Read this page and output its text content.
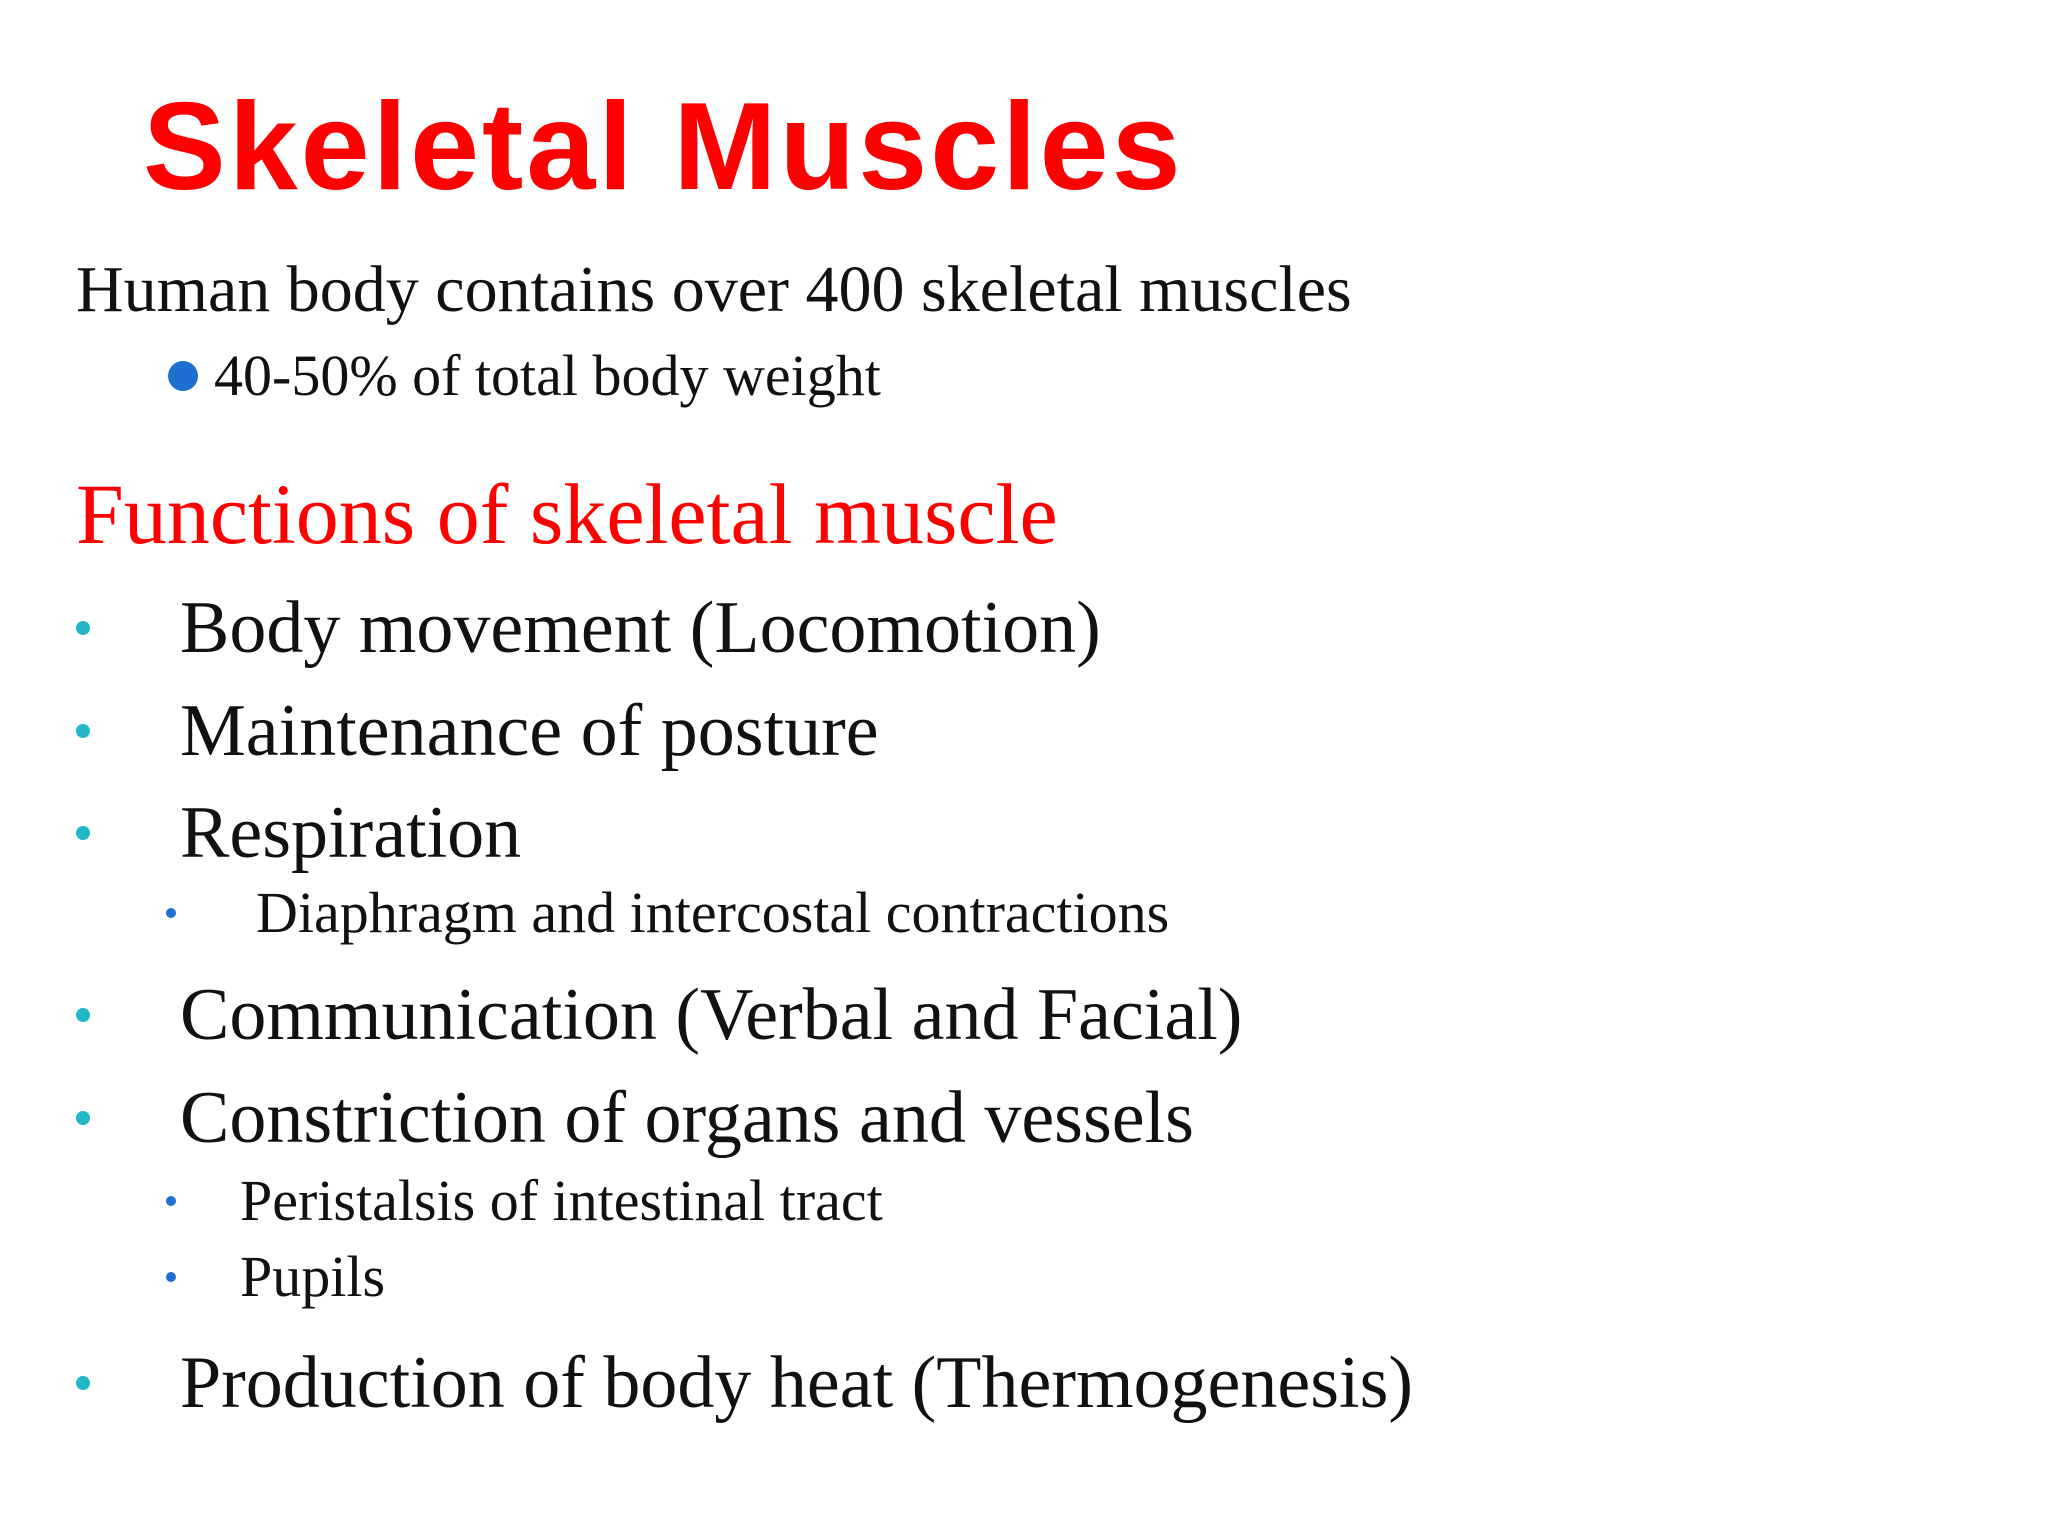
Skeletal Muscles
Human body contains over 400 skeletal muscles
40-50% of total body weight
Functions of skeletal muscle
Body movement (Locomotion)
Maintenance of posture
Respiration
Diaphragm and intercostal contractions
Communication (Verbal and Facial)
Constriction of organs and vessels
Peristalsis of intestinal tract
Pupils
Production of body heat (Thermogenesis)
